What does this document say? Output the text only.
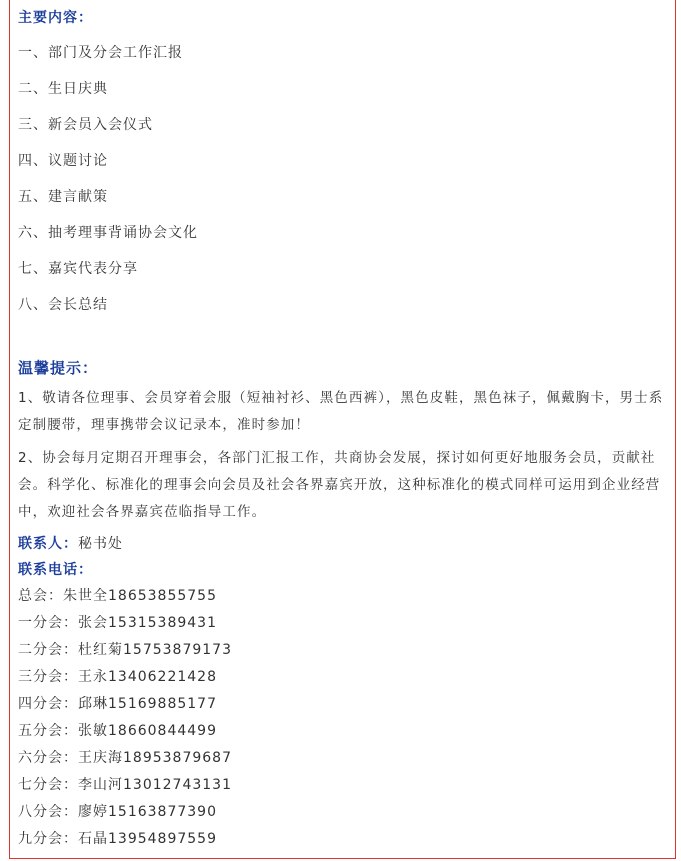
主要内容：
一、部门及分会工作汇报
二、生日庆典
三、新会员入会仪式
四、议题讨论
五、建言献策
六、抽考理事背诵协会文化
七、嘉宾代表分享
八、会长总结
温馨提示：
1、敬请各位理事、会员穿着会服（短袖衬衫、黑色西裤），黑色皮鞋，黑色袜子，佩戴胸卡，男士系定制腰带，理事携带会议记录本，准时参加！
2、协会每月定期召开理事会，各部门汇报工作，共商协会发展，探讨如何更好地服务会员，贡献社会。科学化、标准化的理事会向会员及社会各界嘉宾开放，这种标准化的模式同样可运用到企业经营中，欢迎社会各界嘉宾莅临指导工作。
联系人：秘书处
联系电话：
总会：朱世全18653855755
一分会：张会15315389431
二分会：杜红菊15753879173
三分会：王永13406221428
四分会：邱琳15169885177
五分会：张敏18660844499
六分会：王庆海18953879687
七分会：李山河13012743131
八分会：廖婷15163877390
九分会：石晶13954897559
